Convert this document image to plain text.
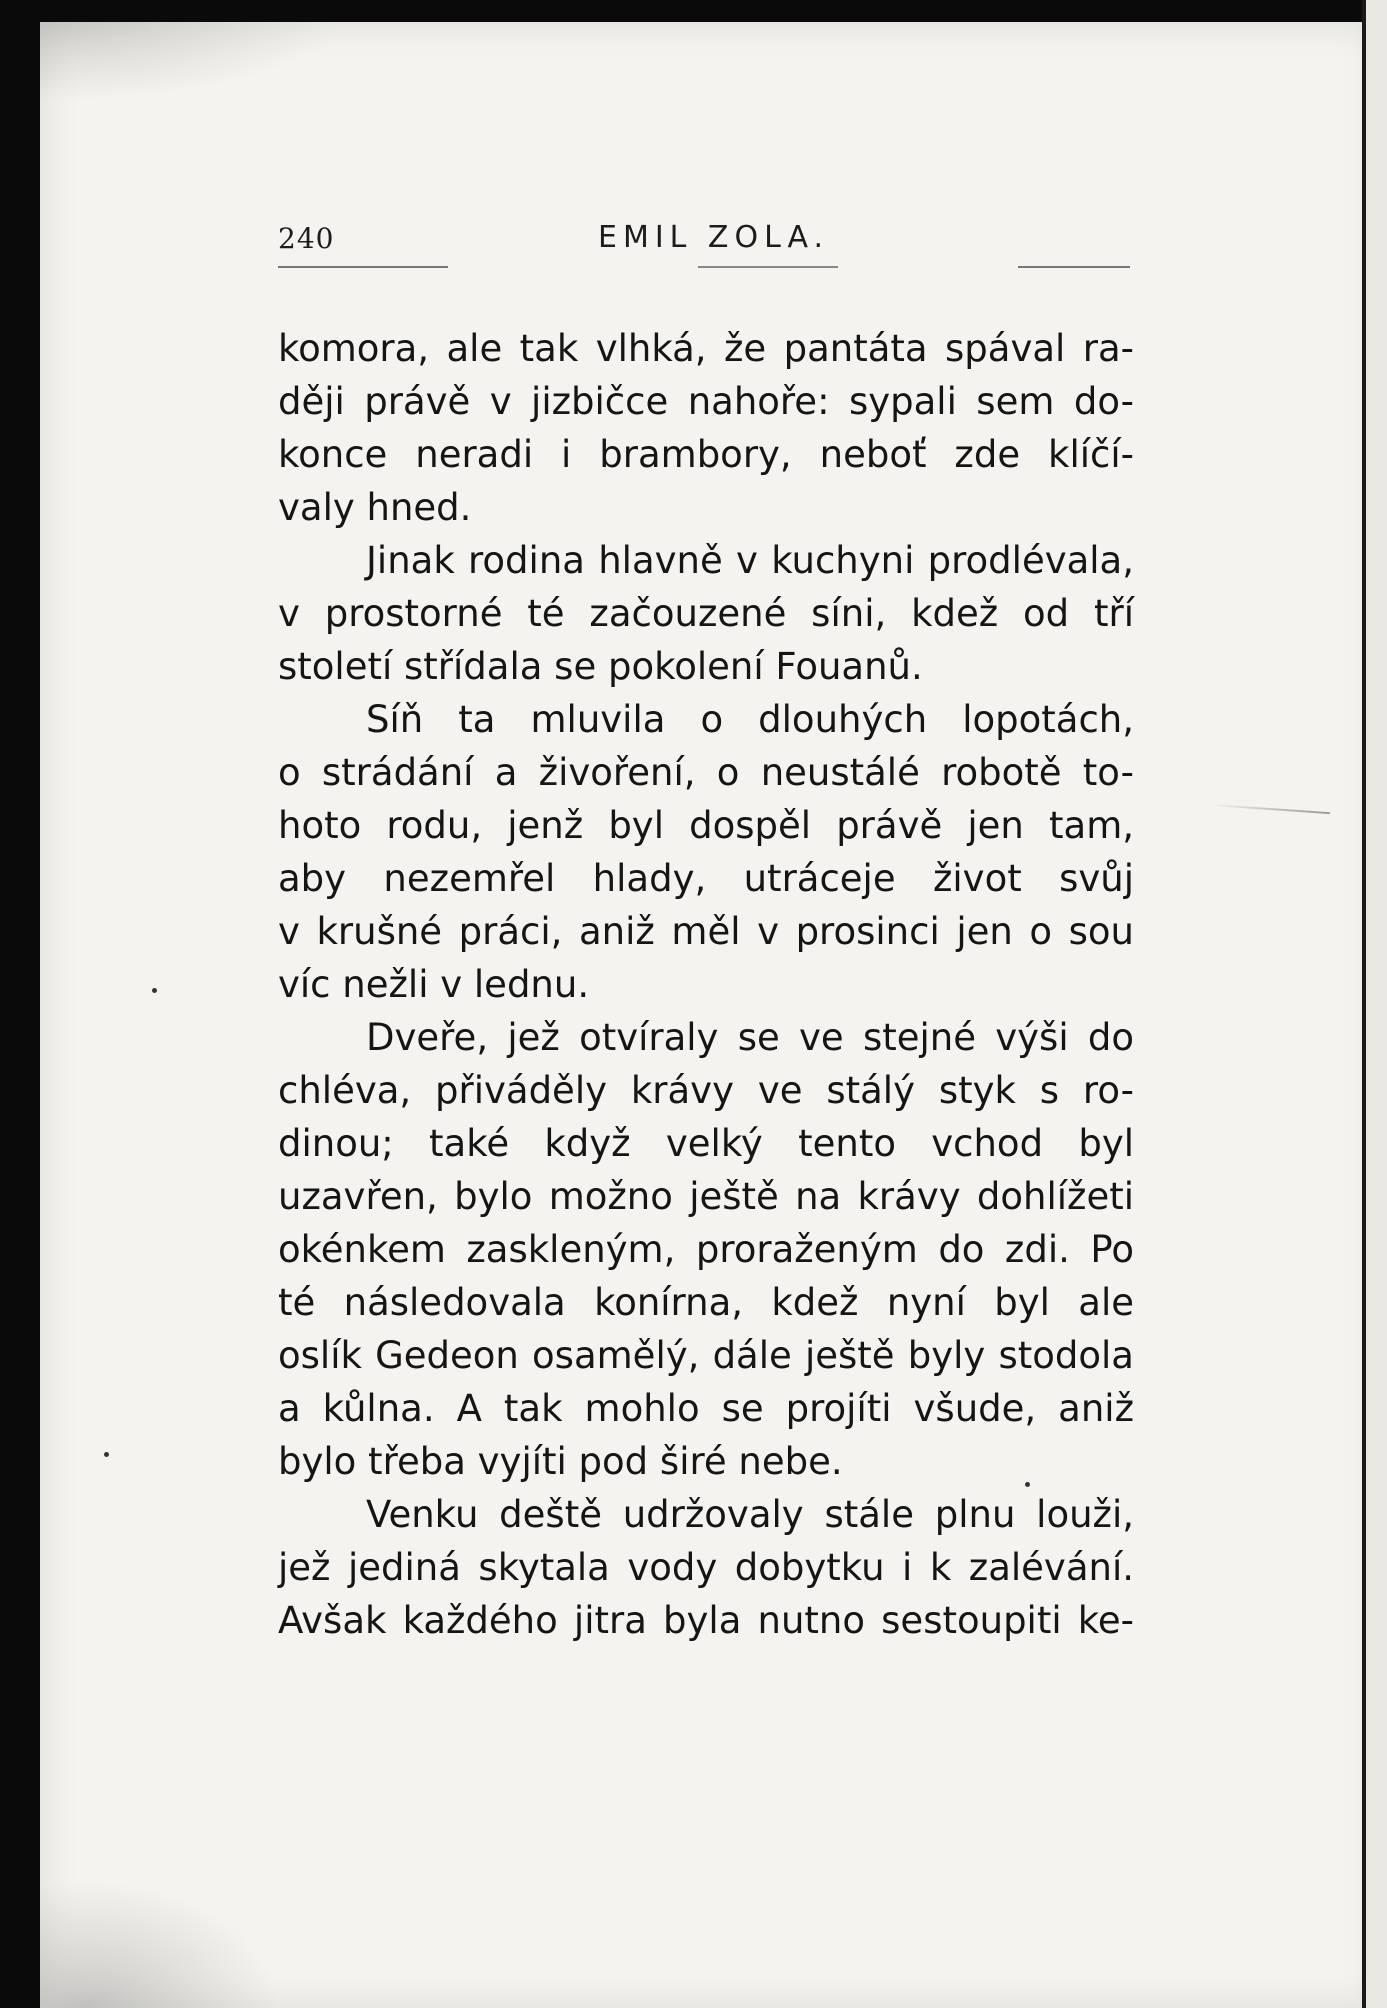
240	EMIL ZOLA.
komora, ale tak vlhká, že pantáta spával ra-
ději právě v jizbičce nahoře: sypali sem do-
konce neradi i brambory, neboť zde klíčí-
valy hned.
Jinak rodina hlavně v kuchyni prodlévala,
v prostorné té začouzené síni, kdež od tří
století střídala se pokolení Fouanů.
Síň ta mluvila o dlouhých lopotách,
o strádání a živoření, o neustálé robotě to-
hoto rodu, jenž byl dospěl právě jen tam,
aby nezemřel hlady, utráceje život svůj
v krušné práci, aniž měl v prosinci jen o sou
víc nežli v lednu.
Dveře, jež otvíraly se ve stejné výši do
chléva, přiváděly krávy ve stálý styk s ro-
dinou; také když velký tento vchod byl
uzavřen, bylo možno ještě na krávy dohlížeti
okénkem zaskleným, proraženým do zdi. Po
té následovala konírna, kdež nyní byl ale
oslík Gedeon osamělý, dále ještě byly stodola
a kůlna. A tak mohlo se projíti všude, aniž
bylo třeba vyjíti pod širé nebe.
Venku deště udržovaly stále plnu louži,
jež jediná skytala vody dobytku i k zalévání.
Avšak každého jitra byla nutno sestoupiti ke-
